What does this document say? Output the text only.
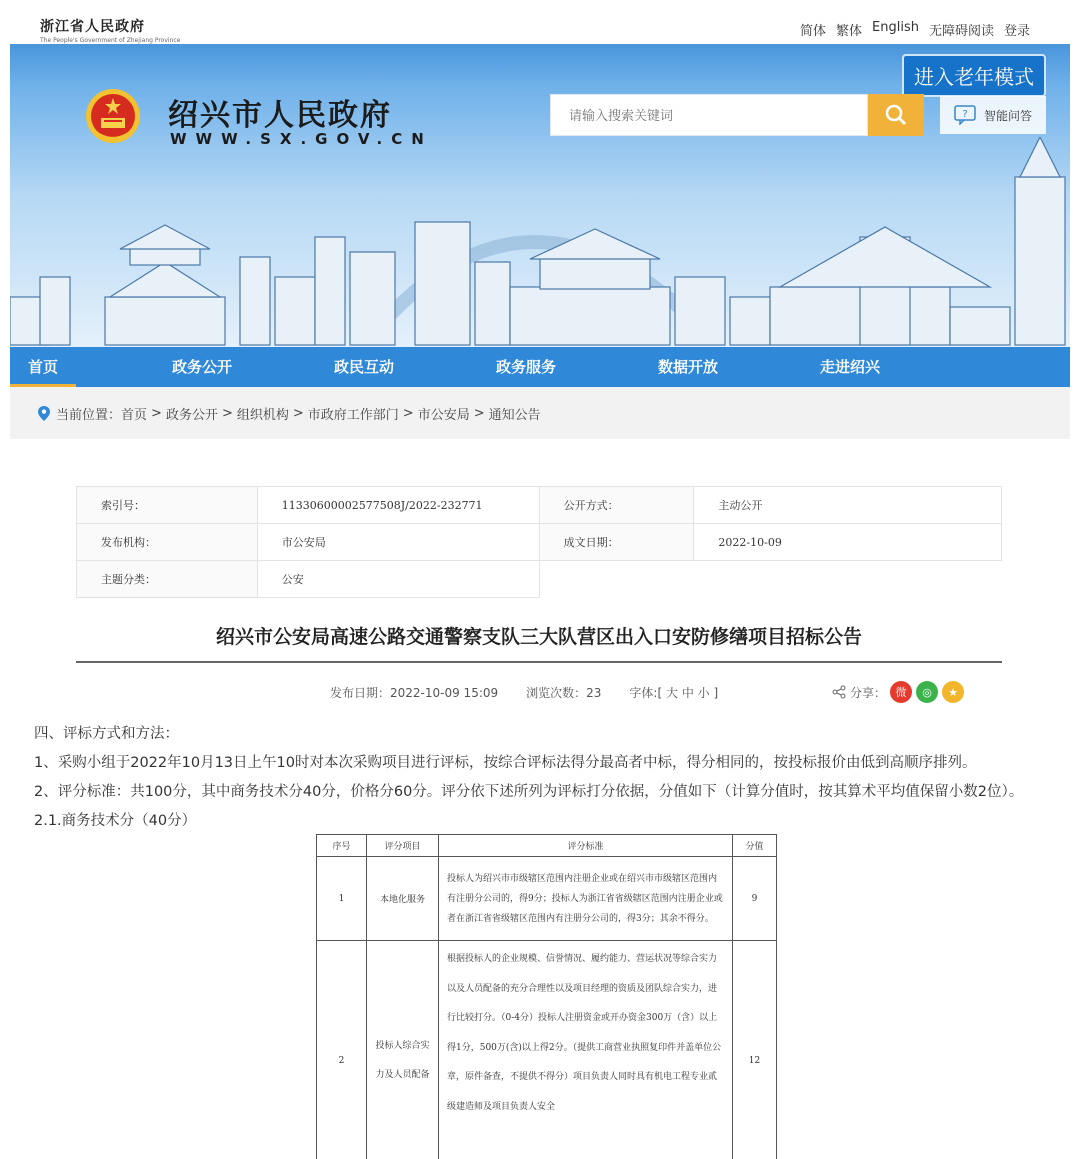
浙江省人民政府
The People's Government of Zhejiang Province
简体 繁体 English 无障碍阅读 登录
进入老年模式
绍兴市人民政府
WWW.SX.GOV.CN
请输入搜索关键词
? 智能问答
首页	政务公开	政民互动	政务服务	数据开放	走进绍兴
当前位置： 首页 > 政务公开 > 组织机构 > 市政府工作部门 > 市公安局 > 通知公告
索引号：	11330600002577508J/2022-232771	公开方式：	主动公开
发布机构：	市公安局	成文日期：	2022-10-09
主题分类：	公安		
绍兴市公安局高速公路交通警察支队三大队营区出入口安防修缮项目招标公告
发布日期：2022-10-09 15:09 浏览次数：23 字体:[ 大 中 小 ]	分享： 微	◎	★
四、评标方式和方法：
1、采购小组于2022年10月13日上午10时对本次采购项目进行评标，按综合评标法得分最高者中标，得分相同的，按投标报价由低到高顺序排列。
2、评分标准：共100分，其中商务技术分40分，价格分60分。评分依下述所列为评标打分依据，分值如下（计算分值时，按其算术平均值保留小数2位）。
2.1.商务技术分（40分）
序号	评分项目	评分标准	分值
1	本地化服务	投标人为绍兴市市级辖区范围内注册企业或在绍兴市市级辖区范围内有注册分公司的，得9分；投标人为浙江省省级辖区范围内注册企业或者在浙江省省级辖区范围内有注册分公司的，得3分；其余不得分。	9
2	投标人综合实力及人员配备	根据投标人的企业规模、信誉情况、履约能力、营运状况等综合实力以及人员配备的充分合理性以及项目经理的资质及团队综合实力，进行比较打分。（0-4分）投标人注册资金或开办资金300万（含）以上得1分，500万(含)以上得2分。（提供工商营业执照复印件并盖单位公章，原件备查，不提供不得分）项目负责人同时具有机电工程专业贰级建造师及项目负责人安全	12
